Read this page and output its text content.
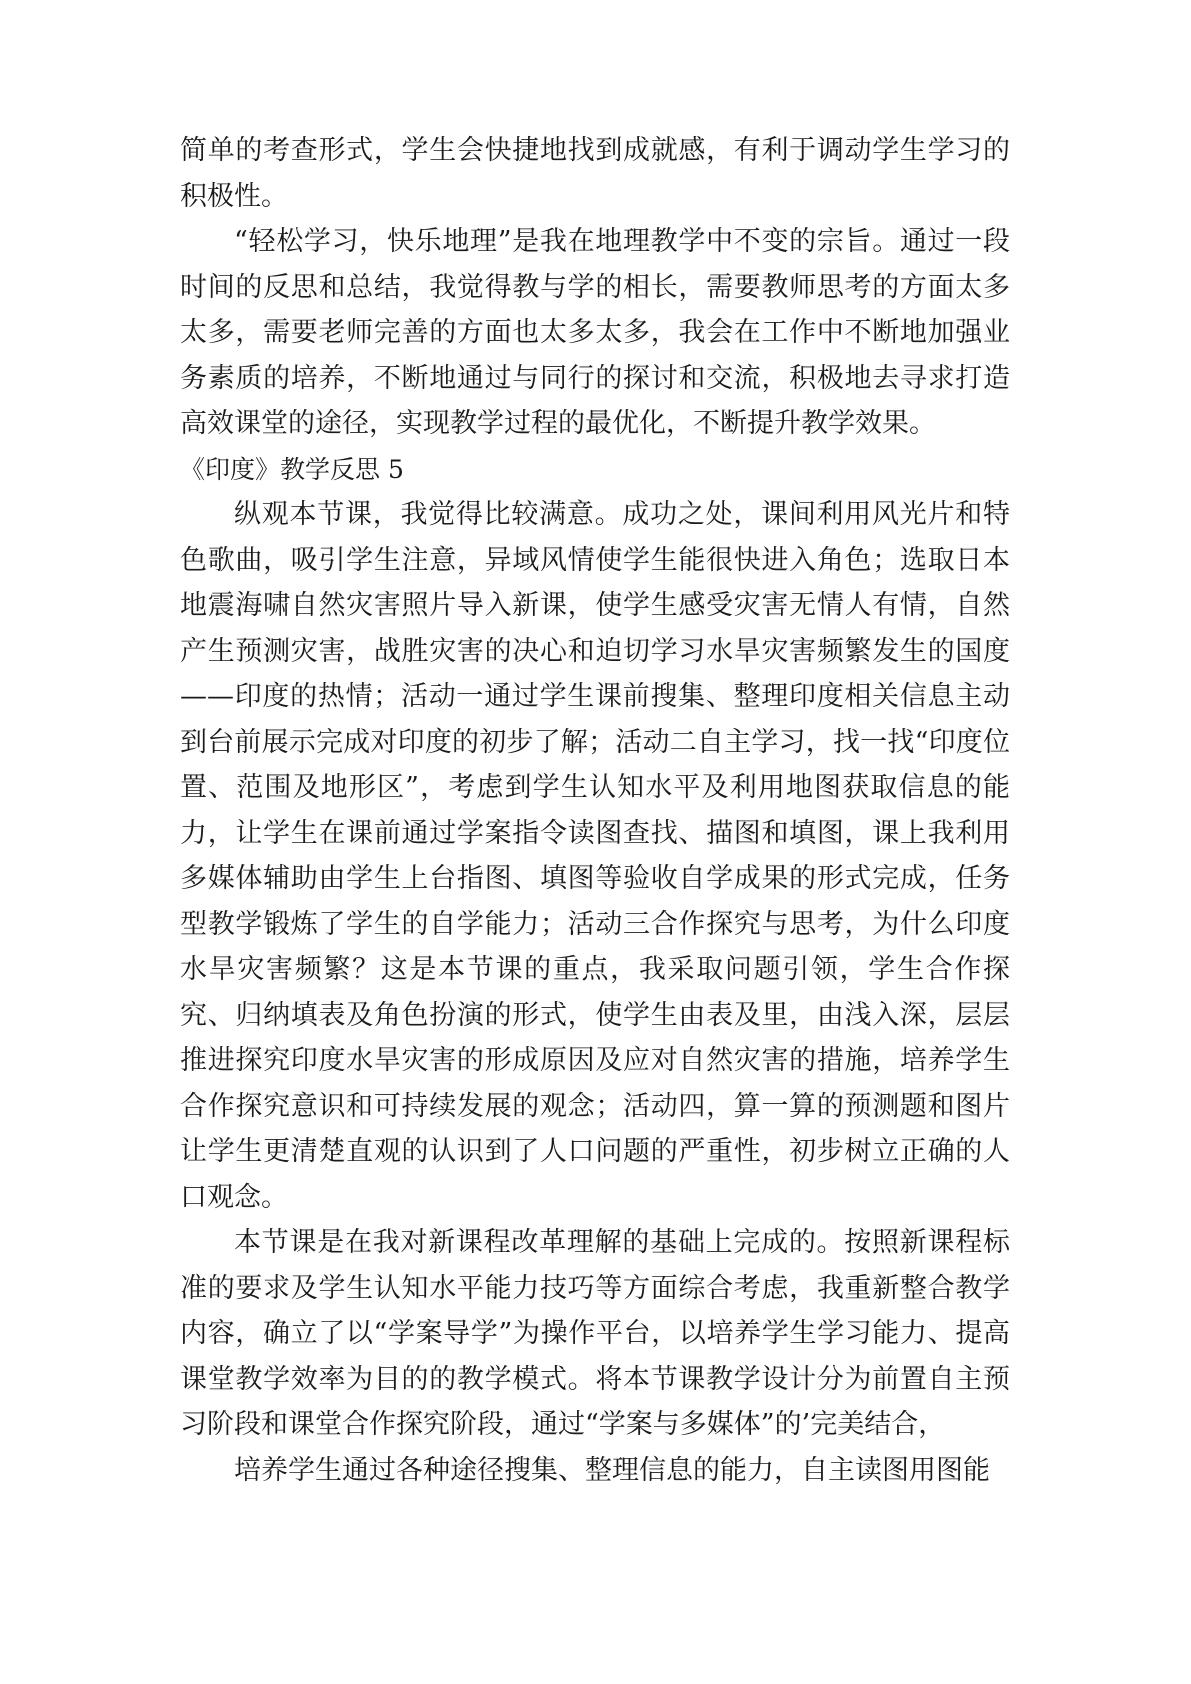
简单的考查形式，学生会快捷地找到成就感，有利于调动学生学习的积极性。

“轻松学习，快乐地理”是我在地理教学中不变的宗旨。通过一段时间的反思和总结，我觉得教与学的相长，需要教师思考的方面太多太多，需要老师完善的方面也太多太多，我会在工作中不断地加强业务素质的培养，不断地通过与同行的探讨和交流，积极地去寻求打造高效课堂的途径，实现教学过程的最优化，不断提升教学效果。

《印度》教学反思 5

纵观本节课，我觉得比较满意。成功之处，课间利用风光片和特色歌曲，吸引学生注意，异域风情使学生能很快进入角色；选取日本地震海啸自然灾害照片导入新课，使学生感受灾害无情人有情，自然产生预测灾害，战胜灾害的决心和迫切学习水旱灾害频繁发生的国度——印度的热情；活动一通过学生课前搜集、整理印度相关信息主动到台前展示完成对印度的初步了解；活动二自主学习，找一找“印度位置、范围及地形区”，考虑到学生认知水平及利用地图获取信息的能力，让学生在课前通过学案指令读图查找、描图和填图，课上我利用多媒体辅助由学生上台指图、填图等验收自学成果的形式完成，任务型教学锻炼了学生的自学能力；活动三合作探究与思考，为什么印度水旱灾害频繁？这是本节课的重点，我采取问题引领，学生合作探究、归纳填表及角色扮演的形式，使学生由表及里，由浅入深，层层推进探究印度水旱灾害的形成原因及应对自然灾害的措施，培养学生合作探究意识和可持续发展的观念；活动四，算一算的预测题和图片让学生更清楚直观的认识到了人口问题的严重性，初步树立正确的人口观念。

本节课是在我对新课程改革理解的基础上完成的。按照新课程标准的要求及学生认知水平能力技巧等方面综合考虑，我重新整合教学内容，确立了以“学案导学”为操作平台，以培养学生学习能力、提高课堂教学效率为目的的教学模式。将本节课教学设计分为前置自主预习阶段和课堂合作探究阶段，通过“学案与多媒体”的’完美结合，

培养学生通过各种途径搜集、整理信息的能力，自主读图用图能
